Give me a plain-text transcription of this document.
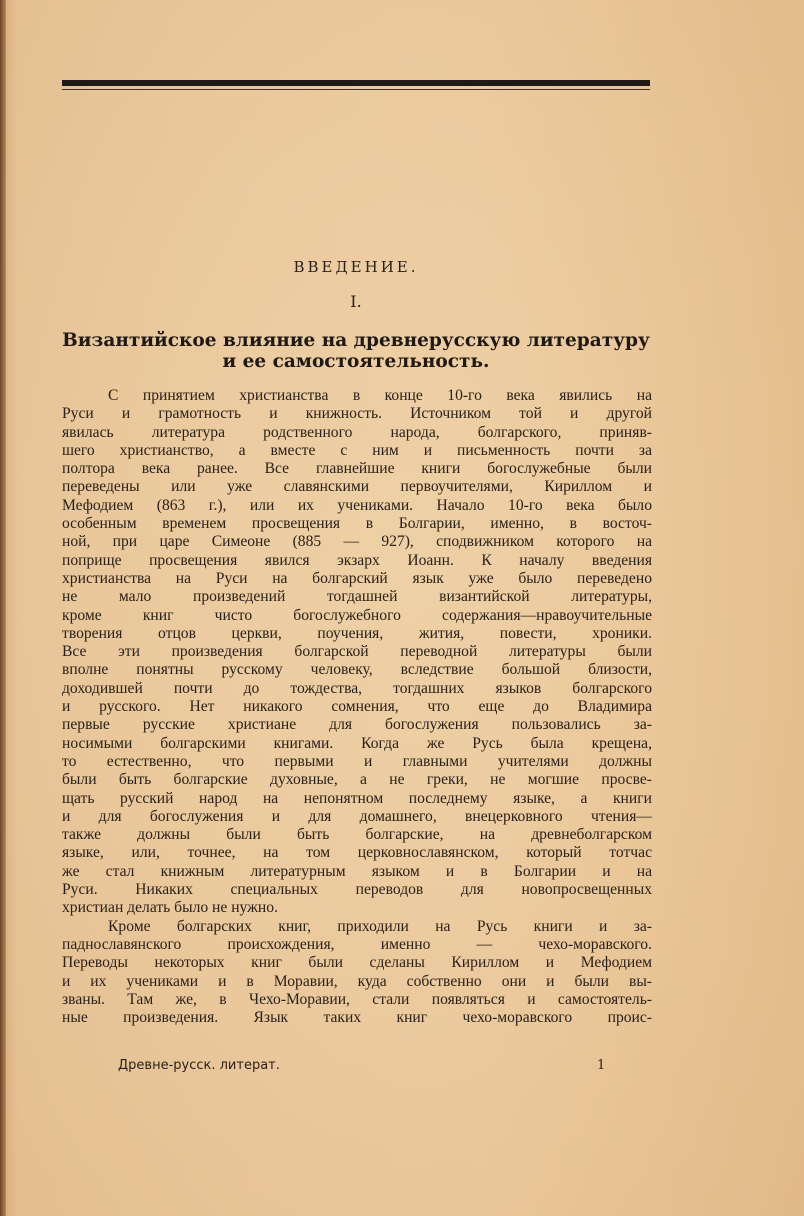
ВВЕДЕНИЕ.
I.
Византийское влияние на древнерусскую литературу
и ее самостоятельность.
С принятием христианства в конце 10-го века явились на
Руси и грамотность и книжность. Источником той и другой
явилась литература родственного народа, болгарского, приняв-
шего христианство, а вместе с ним и письменность почти за
полтора века ранее. Все главнейшие книги богослужебные были
переведены или уже славянскими первоучителями, Кириллом и
Мефодием (863 г.), или их учениками. Начало 10-го века было
особенным временем просвещения в Болгарии, именно, в восточ-
ной, при царе Симеоне (885 — 927), сподвижником которого на
поприще просвещения явился экзарх Иоанн. К началу введения
христианства на Руси на болгарский язык уже было переведено
не мало произведений тогдашней византийской литературы,
кроме книг чисто богослужебного содержания—нравоучительные
творения отцов церкви, поучения, жития, повести, хроники.
Все эти произведения болгарской переводной литературы были
вполне понятны русскому человеку, вследствие большой близости,
доходившей почти до тождества, тогдашних языков болгарского
и русского. Нет никакого сомнения, что еще до Владимира
первые русские христиане для богослужения пользовались за-
носимыми болгарскими книгами. Когда же Русь была крещена,
то естественно, что первыми и главными учителями должны
были быть болгарские духовные, а не греки, не могшие просве-
щать русский народ на непонятном последнему языке, а книги
и для богослужения и для домашнего, внецерковного чтения—
также должны были быть болгарские, на древнеболгарском
языке, или, точнее, на том церковнославянском, который тотчас
же стал книжным литературным языком и в Болгарии и на
Руси. Никаких специальных переводов для новопросвещенных
христиан делать было не нужно.
Кроме болгарских книг, приходили на Русь книги и за-
паднославянского происхождения, именно — чехо-моравского.
Переводы некоторых книг были сделаны Кириллом и Мефодием
и их учениками и в Моравии, куда собственно они и были вы-
званы. Там же, в Чехо-Моравии, стали появляться и самостоятель-
ные произведения. Язык таких книг чехо-моравского проис-
Древне-русск. литерат.	1
